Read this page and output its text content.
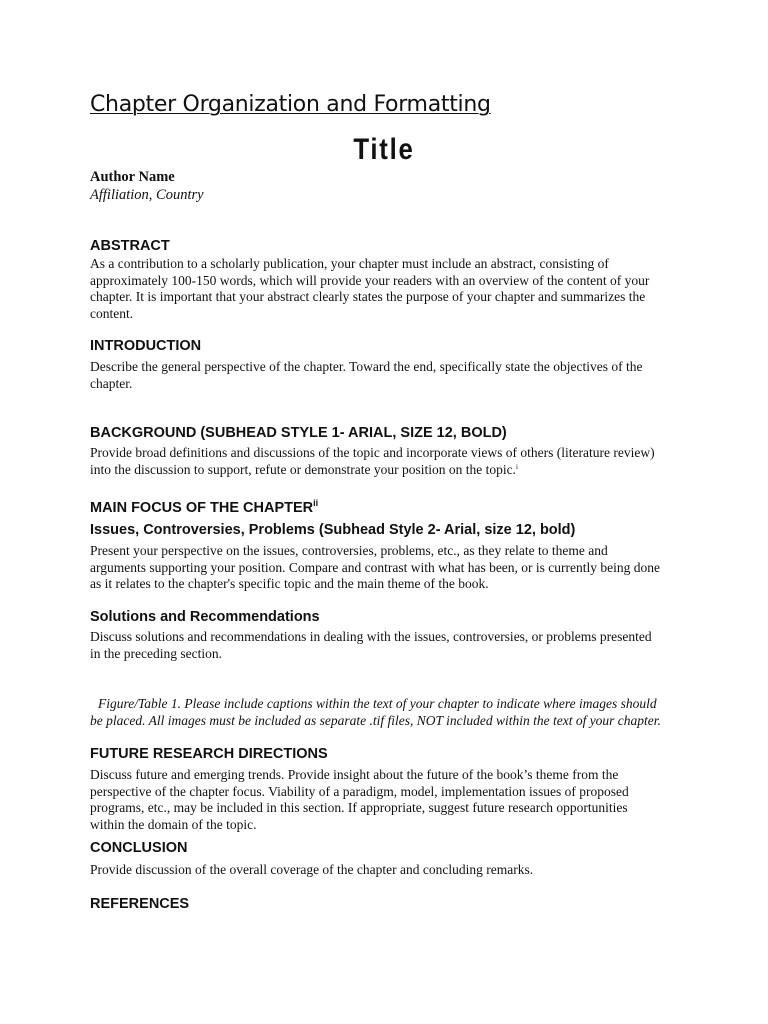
Chapter Organization and Formatting
Title
Author Name
Affiliation, Country
ABSTRACT

As a contribution to a scholarly publication, your chapter must include an abstract, consisting of
approximately 100-150 words, which will provide your readers with an overview of the content of your
chapter. It is important that your abstract clearly states the purpose of your chapter and summarizes the
content.

INTRODUCTION

Describe the general perspective of the chapter. Toward the end, specifically state the objectives of the
chapter.

BACKGROUND (SUBHEAD STYLE 1- ARIAL, SIZE 12, BOLD)

Provide broad definitions and discussions of the topic and incorporate views of others (literature review)
into the discussion to support, refute or demonstrate your position on the topic.$^i$

MAIN FOCUS OF THE CHAPTER$^{ii}$
Issues, Controversies, Problems (Subhead Style 2- Arial, size 12, bold)

Present your perspective on the issues, controversies, problems, etc., as they relate to theme and
arguments supporting your position. Compare and contrast with what has been, or is currently being done
as it relates to the chapter's specific topic and the main theme of the book.

Solutions and Recommendations

Discuss solutions and recommendations in dealing with the issues, controversies, or problems presented
in the preceding section.

Figure/Table 1. Please include captions within the text of your chapter to indicate where images should
be placed. All images must be included as separate .tif files, NOT included within the text of your chapter.

FUTURE RESEARCH DIRECTIONS

Discuss future and emerging trends. Provide insight about the future of the book’s theme from the
perspective of the chapter focus. Viability of a paradigm, model, implementation issues of proposed
programs, etc., may be included in this section. If appropriate, suggest future research opportunities
within the domain of the topic.

CONCLUSION

Provide discussion of the overall coverage of the chapter and concluding remarks.

REFERENCES
